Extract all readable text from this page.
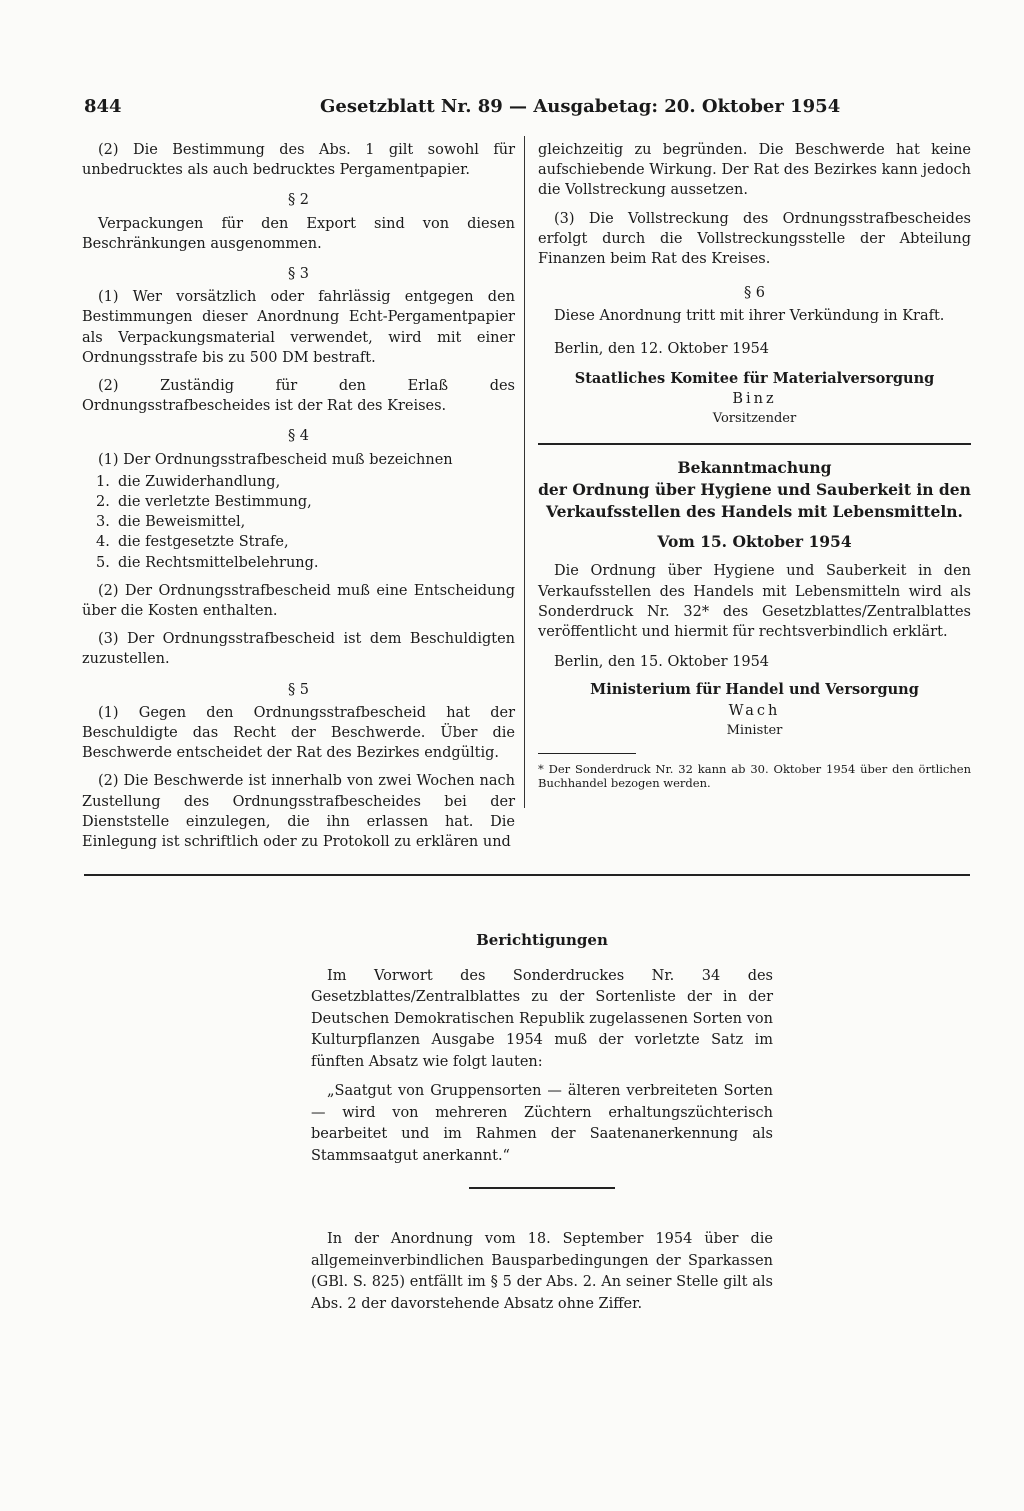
844	Gesetzblatt Nr. 89 — Ausgabetag: 20. Oktober 1954

(2) Die Bestimmung des Abs. 1 gilt sowohl für unbedrucktes als auch bedrucktes Pergamentpapier.

§ 2

Verpackungen für den Export sind von diesen Beschränkungen ausgenommen.

§ 3

(1) Wer vorsätzlich oder fahrlässig entgegen den Bestimmungen dieser Anordnung Echt-Pergamentpapier als Verpackungsmaterial verwendet, wird mit einer Ordnungsstrafe bis zu 500 DM bestraft.

(2) Zuständig für den Erlaß des Ordnungsstrafbescheides ist der Rat des Kreises.

§ 4

(1) Der Ordnungsstrafbescheid muß bezeichnen

1. die Zuwiderhandlung,
2. die verletzte Bestimmung,
3. die Beweismittel,
4. die festgesetzte Strafe,
5. die Rechtsmittelbelehrung.

(2) Der Ordnungsstrafbescheid muß eine Entscheidung über die Kosten enthalten.

(3) Der Ordnungsstrafbescheid ist dem Beschuldigten zuzustellen.

§ 5

(1) Gegen den Ordnungsstrafbescheid hat der Beschuldigte das Recht der Beschwerde. Über die Beschwerde entscheidet der Rat des Bezirkes endgültig.

(2) Die Beschwerde ist innerhalb von zwei Wochen nach Zustellung des Ordnungsstrafbescheides bei der Dienststelle einzulegen, die ihn erlassen hat. Die Einlegung ist schriftlich oder zu Protokoll zu erklären und

gleichzeitig zu begründen. Die Beschwerde hat keine aufschiebende Wirkung. Der Rat des Bezirkes kann jedoch die Vollstreckung aussetzen.

(3) Die Vollstreckung des Ordnungsstrafbescheides erfolgt durch die Vollstreckungsstelle der Abteilung Finanzen beim Rat des Kreises.

§ 6

Diese Anordnung tritt mit ihrer Verkündung in Kraft.

Berlin, den 12. Oktober 1954

Staatliches Komitee für Materialversorgung
Binz
Vorsitzender
Bekanntmachung
der Ordnung über Hygiene und Sauberkeit in den Verkaufsstellen des Handels mit Lebensmitteln.
Vom 15. Oktober 1954

Die Ordnung über Hygiene und Sauberkeit in den Verkaufsstellen des Handels mit Lebensmitteln wird als Sonderdruck Nr. 32* des Gesetzblattes/Zentralblattes veröffentlicht und hiermit für rechtsverbindlich erklärt.

Berlin, den 15. Oktober 1954

Ministerium für Handel und Versorgung
Wach
Minister
* Der Sonderdruck Nr. 32 kann ab 30. Oktober 1954 über den örtlichen Buchhandel bezogen werden.
Berichtigungen

Im Vorwort des Sonderdruckes Nr. 34 des Gesetzblattes/Zentralblattes zu der Sortenliste der in der Deutschen Demokratischen Republik zugelassenen Sorten von Kulturpflanzen Ausgabe 1954 muß der vorletzte Satz im fünften Absatz wie folgt lauten:

„Saatgut von Gruppensorten — älteren verbreiteten Sorten — wird von mehreren Züchtern erhaltungszüchterisch bearbeitet und im Rahmen der Saatenanerkennung als Stammsaatgut anerkannt.“

In der Anordnung vom 18. September 1954 über die allgemeinverbindlichen Bausparbedingungen der Sparkassen (GBl. S. 825) entfällt im § 5 der Abs. 2. An seiner Stelle gilt als Abs. 2 der davorstehende Absatz ohne Ziffer.
